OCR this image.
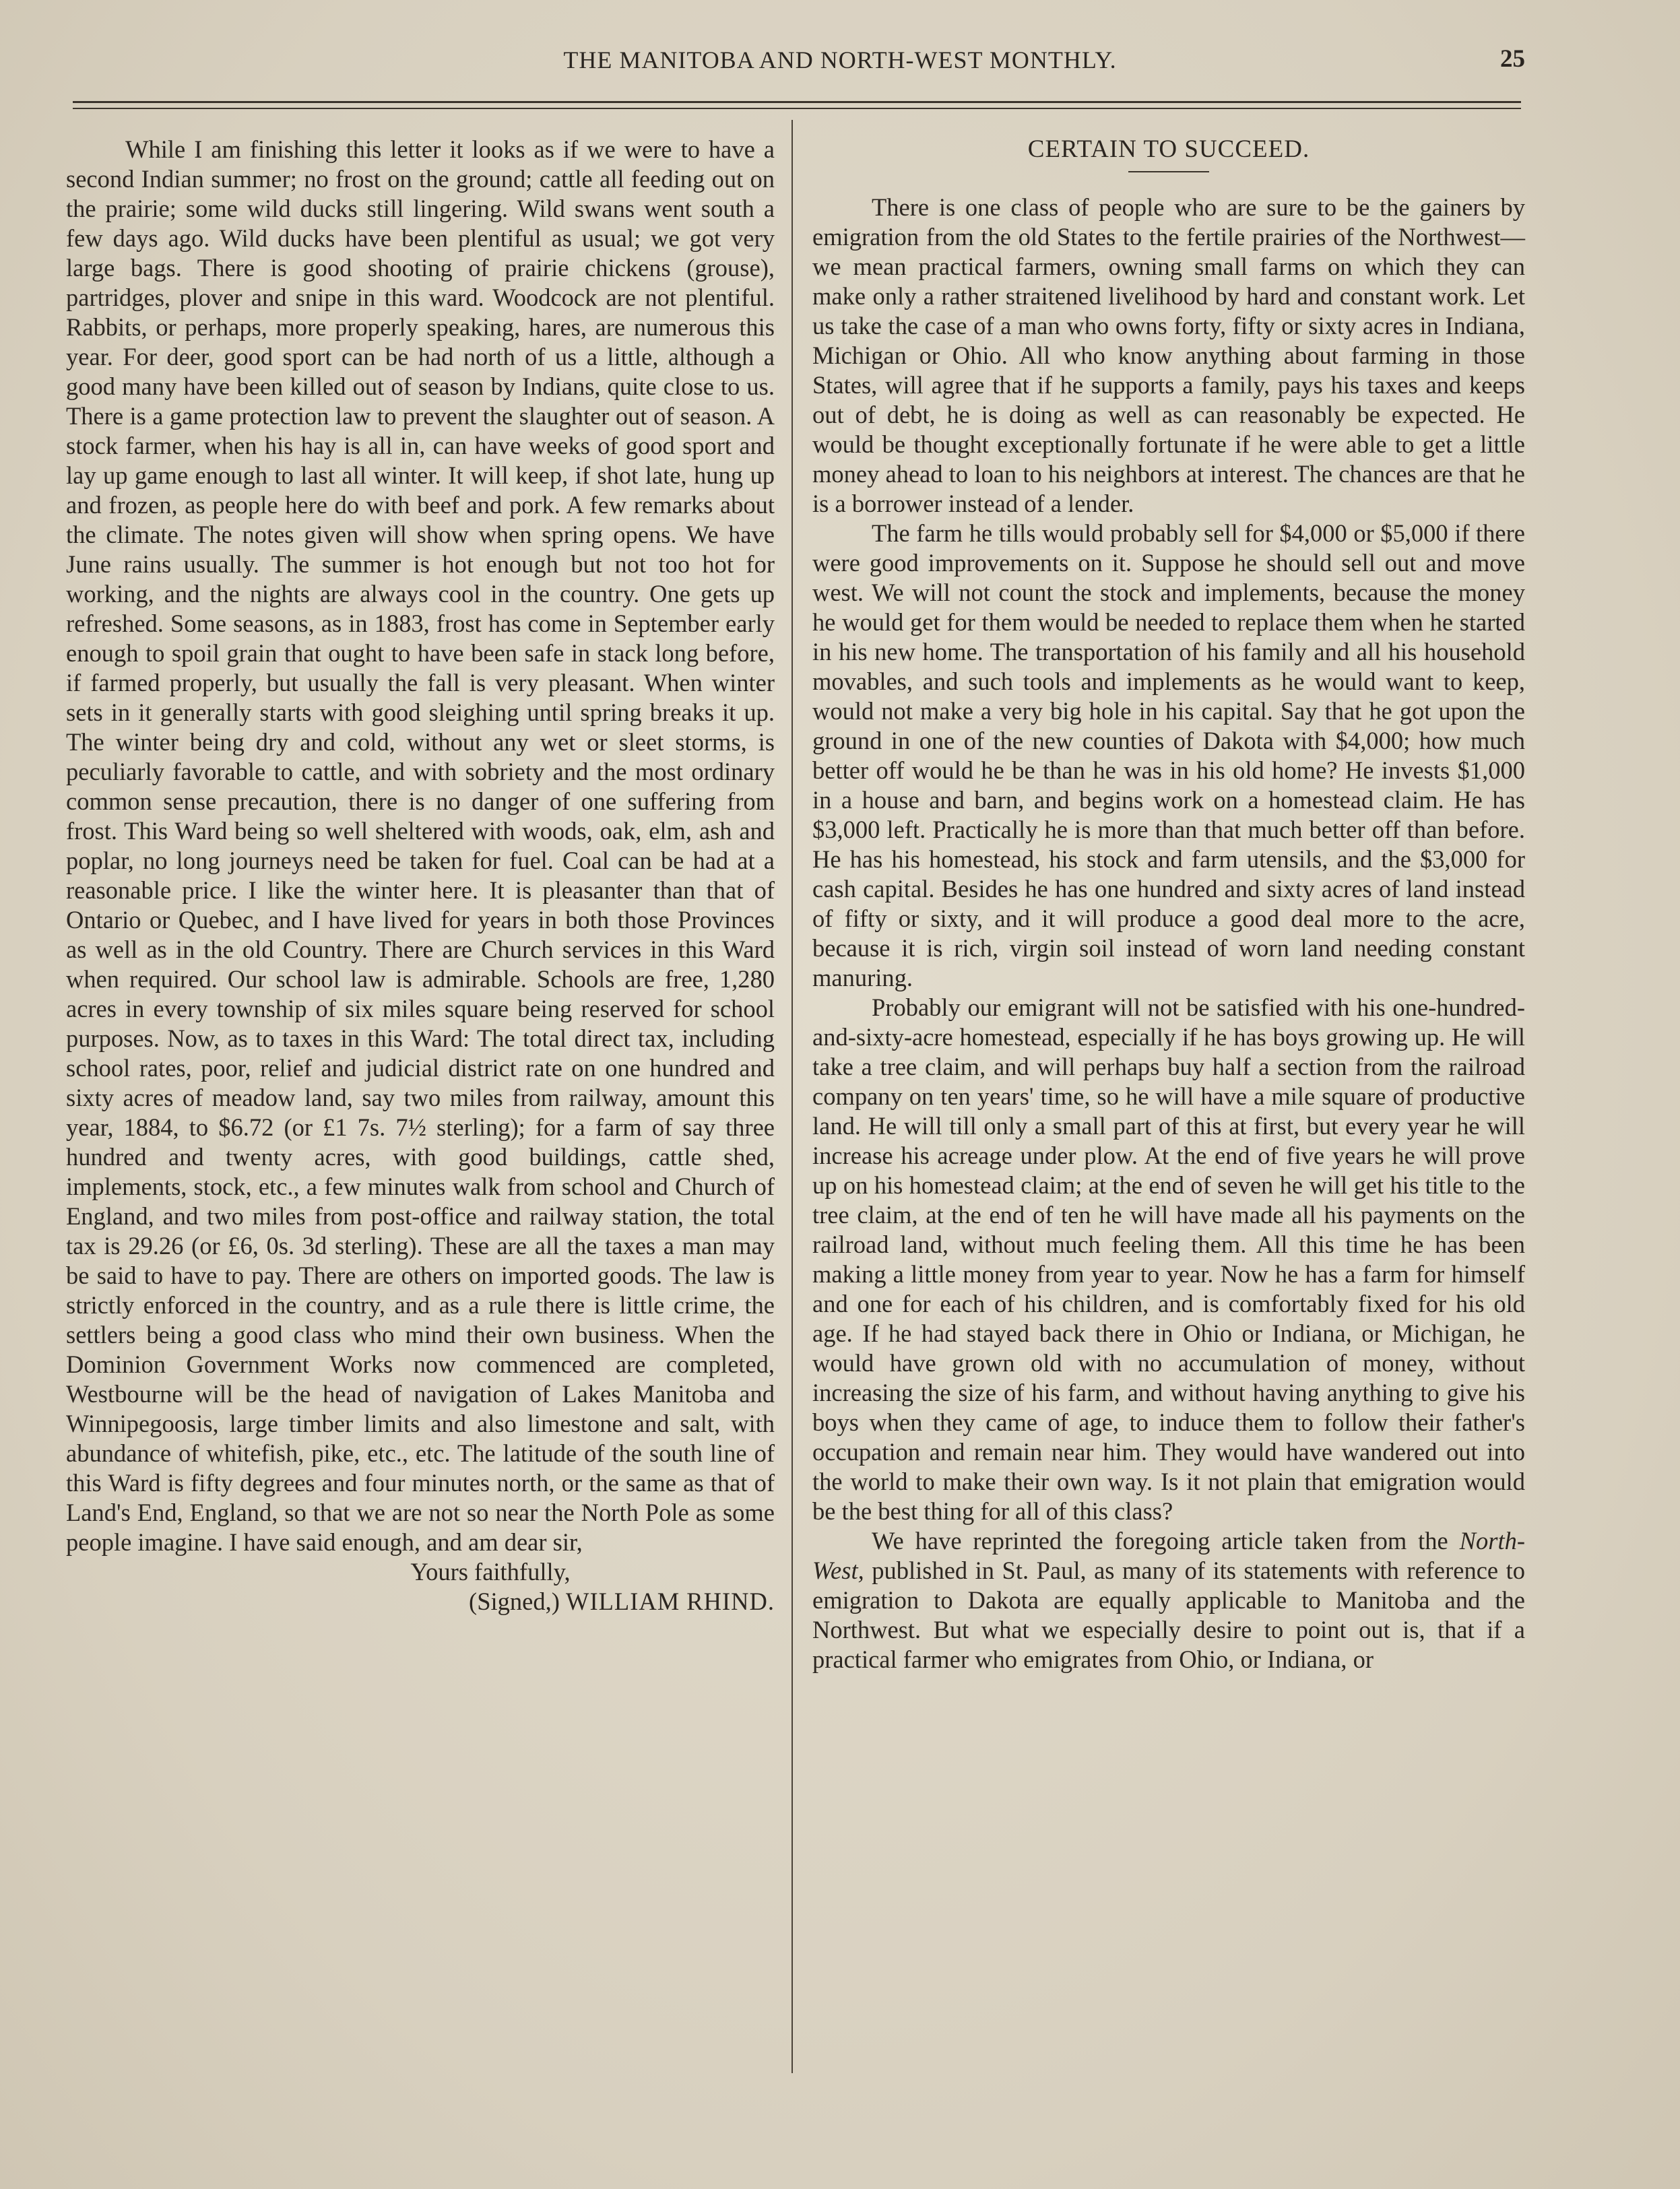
THE MANITOBA AND NORTH-WEST MONTHLY.	25

While I am finishing this letter it looks as if we were to have a second Indian summer; no frost on the ground; cattle all feeding out on the prairie; some wild ducks still lingering. Wild swans went south a few days ago. Wild ducks have been plentiful as usual; we got very large bags. There is good shooting of prairie chickens (grouse), partridges, plover and snipe in this ward. Woodcock are not plentiful. Rabbits, or perhaps, more properly speaking, hares, are numerous this year. For deer, good sport can be had north of us a little, although a good many have been killed out of season by Indians, quite close to us. There is a game protection law to prevent the slaughter out of season. A stock farmer, when his hay is all in, can have weeks of good sport and lay up game enough to last all winter. It will keep, if shot late, hung up and frozen, as people here do with beef and pork. A few remarks about the climate. The notes given will show when spring opens. We have June rains usually. The summer is hot enough but not too hot for working, and the nights are always cool in the country. One gets up refreshed. Some seasons, as in 1883, frost has come in September early enough to spoil grain that ought to have been safe in stack long before, if farmed properly, but usually the fall is very pleasant. When winter sets in it generally starts with good sleighing until spring breaks it up. The winter being dry and cold, without any wet or sleet storms, is peculiarly favorable to cattle, and with sobriety and the most ordinary common sense precaution, there is no danger of one suffering from frost. This Ward being so well sheltered with woods, oak, elm, ash and poplar, no long journeys need be taken for fuel. Coal can be had at a reasonable price. I like the winter here. It is pleasanter than that of Ontario or Quebec, and I have lived for years in both those Provinces as well as in the old Country. There are Church services in this Ward when required. Our school law is admirable. Schools are free, 1,280 acres in every township of six miles square being reserved for school purposes. Now, as to taxes in this Ward: The total direct tax, including school rates, poor, relief and judicial district rate on one hundred and sixty acres of meadow land, say two miles from railway, amount this year, 1884, to $6.72 (or £1 7s. 7½ sterling); for a farm of say three hundred and twenty acres, with good buildings, cattle shed, implements, stock, etc., a few minutes walk from school and Church of England, and two miles from post-office and railway station, the total tax is 29.26 (or £6, 0s. 3d sterling). These are all the taxes a man may be said to have to pay. There are others on imported goods. The law is strictly enforced in the country, and as a rule there is little crime, the settlers being a good class who mind their own business. When the Dominion Government Works now commenced are completed, Westbourne will be the head of navigation of Lakes Manitoba and Winnipegoosis, large timber limits and also limestone and salt, with abundance of whitefish, pike, etc., etc. The latitude of the south line of this Ward is fifty degrees and four minutes north, or the same as that of Land's End, England, so that we are not so near the North Pole as some people imagine. I have said enough, and am dear sir,

Yours faithfully,

(Signed,) WILLIAM RHIND.

CERTAIN TO SUCCEED.

There is one class of people who are sure to be the gainers by emigration from the old States to the fertile prairies of the Northwest—we mean practical farmers, owning small farms on which they can make only a rather straitened livelihood by hard and constant work. Let us take the case of a man who owns forty, fifty or sixty acres in Indiana, Michigan or Ohio. All who know anything about farming in those States, will agree that if he supports a family, pays his taxes and keeps out of debt, he is doing as well as can reasonably be expected. He would be thought exceptionally fortunate if he were able to get a little money ahead to loan to his neighbors at interest. The chances are that he is a borrower instead of a lender.

The farm he tills would probably sell for $4,000 or $5,000 if there were good improvements on it. Suppose he should sell out and move west. We will not count the stock and implements, because the money he would get for them would be needed to replace them when he started in his new home. The transportation of his family and all his household movables, and such tools and implements as he would want to keep, would not make a very big hole in his capital. Say that he got upon the ground in one of the new counties of Dakota with $4,000; how much better off would he be than he was in his old home? He invests $1,000 in a house and barn, and begins work on a homestead claim. He has $3,000 left. Practically he is more than that much better off than before. He has his homestead, his stock and farm utensils, and the $3,000 for cash capital. Besides he has one hundred and sixty acres of land instead of fifty or sixty, and it will produce a good deal more to the acre, because it is rich, virgin soil instead of worn land needing constant manuring.

Probably our emigrant will not be satisfied with his one-hundred-and-sixty-acre homestead, especially if he has boys growing up. He will take a tree claim, and will perhaps buy half a section from the railroad company on ten years' time, so he will have a mile square of productive land. He will till only a small part of this at first, but every year he will increase his acreage under plow. At the end of five years he will prove up on his homestead claim; at the end of seven he will get his title to the tree claim, at the end of ten he will have made all his payments on the railroad land, without much feeling them. All this time he has been making a little money from year to year. Now he has a farm for himself and one for each of his children, and is comfortably fixed for his old age. If he had stayed back there in Ohio or Indiana, or Michigan, he would have grown old with no accumulation of money, without increasing the size of his farm, and without having anything to give his boys when they came of age, to induce them to follow their father's occupation and remain near him. They would have wandered out into the world to make their own way. Is it not plain that emigration would be the best thing for all of this class?

We have reprinted the foregoing article taken from the North-West, published in St. Paul, as many of its statements with reference to emigration to Dakota are equally applicable to Manitoba and the Northwest. But what we especially desire to point out is, that if a practical farmer who emigrates from Ohio, or Indiana, or
